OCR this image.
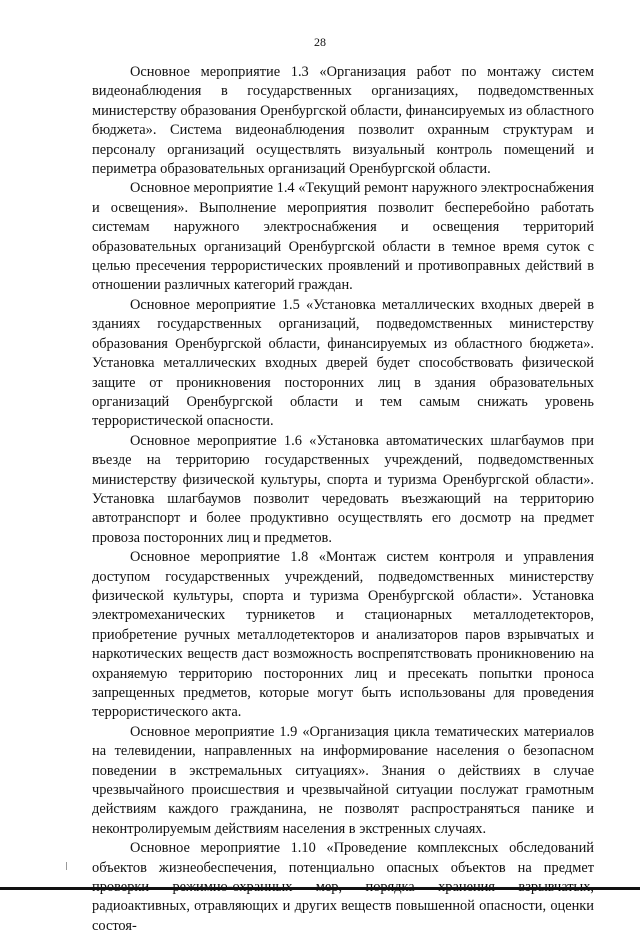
28

Основное мероприятие 1.3 «Организация работ по монтажу систем видеонаблюдения в государственных организациях, подведомственных министерству образования Оренбургской области, финансируемых из областного бюджета». Система видеонаблюдения позволит охранным структурам и персоналу организаций осуществлять визуальный контроль помещений и периметра образовательных организаций Оренбургской области.

Основное мероприятие 1.4 «Текущий ремонт наружного электроснабжения и освещения». Выполнение мероприятия позволит бесперебойно работать системам наружного электроснабжения и освещения территорий образовательных организаций Оренбургской области в темное время суток с целью пресечения террористических проявлений и противоправных действий в отношении различных категорий граждан.

Основное мероприятие 1.5 «Установка металлических входных дверей в зданиях государственных организаций, подведомственных министерству образования Оренбургской области, финансируемых из областного бюджета». Установка металлических входных дверей будет способствовать физической защите от проникновения посторонних лиц в здания образовательных организаций Оренбургской области и тем самым снижать уровень террористической опасности.

Основное мероприятие 1.6 «Установка автоматических шлагбаумов при въезде на территорию государственных учреждений, подведомственных министерству физической культуры, спорта и туризма Оренбургской области». Установка шлагбаумов позволит чередовать въезжающий на территорию автотранспорт и более продуктивно осуществлять его досмотр на предмет провоза посторонних лиц и предметов.

Основное мероприятие 1.8 «Монтаж систем контроля и управления доступом государственных учреждений, подведомственных министерству физической культуры, спорта и туризма Оренбургской области». Установка электромеханических турникетов и стационарных металлодетекторов, приобретение ручных металлодетекторов и анализаторов паров взрывчатых и наркотических веществ даст возможность воспрепятствовать проникновению на охраняемую территорию посторонних лиц и пресекать попытки проноса запрещенных предметов, которые могут быть использованы для проведения террористического акта.

Основное мероприятие 1.9 «Организация цикла тематических материалов на телевидении, направленных на информирование населения о безопасном поведении в экстремальных ситуациях». Знания о действиях в случае чрезвычайного происшествия и чрезвычайной ситуации послужат грамотным действиям каждого гражданина, не позволят распространяться панике и неконтролируемым действиям населения в экстренных случаях.

Основное мероприятие 1.10 «Проведение комплексных обследований объектов жизнеобеспечения, потенциально опасных объектов на предмет радиоактивных, отравляющих и других веществ повышенной опасности, оценки состоя-
